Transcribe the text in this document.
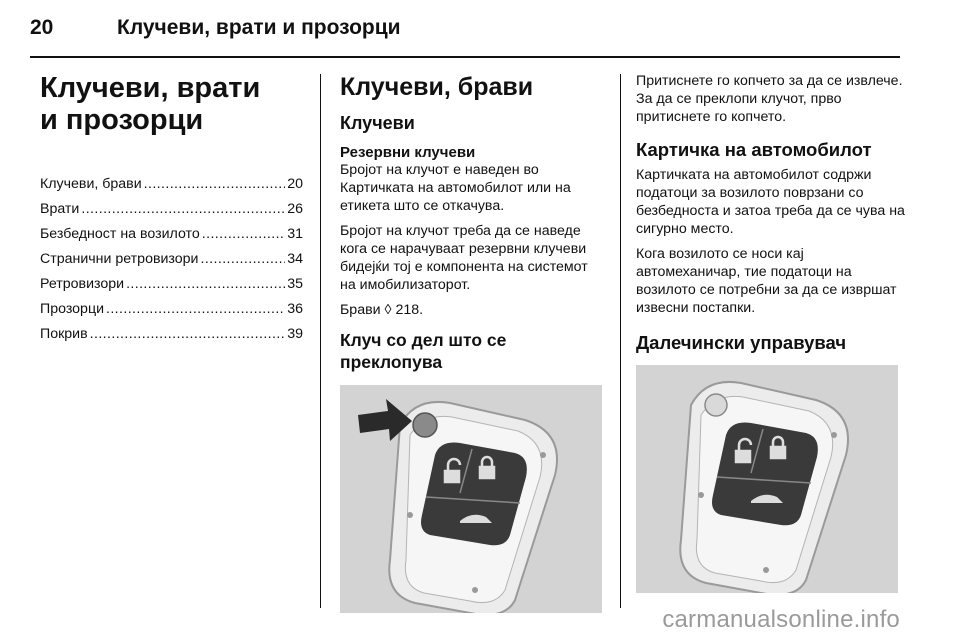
20	Клучеви, врати и прозорци
Клучеви, врати
и прозорци
Клучеви, брави .....	20
Врати .....	26
Безбедност на возилото .....	31
Странични ретровизори .....	34
Ретровизори .....	35
Прозорци .....	36
Покрив .....	39
Клучеви, брави
Клучеви
Резервни клучеви

Бројот на клучот е наведен во Картичката на автомобилот или на етикета што се откачува.

Бројот на клучот треба да се наведе кога се нарачуваат резервни клучеви бидејќи тој е компонента на системот на имобилизаторот.

Брави ◊ 218.

Клуч со дел што се преклопува

Притиснете го копчето за да се извлече. За да се преклопи клучот, прво притиснете го копчето.

Картичка на автомобилот

Картичката на автомобилот содржи податоци за возилото поврзани со безбедноста и затоа треба да се чува на сигурно место.

Кога возилото се носи кај автомеханичар, тие податоци на возилото се потребни за да се извршат извесни постапки.

Далечински управувач
carmanualsonline.info
